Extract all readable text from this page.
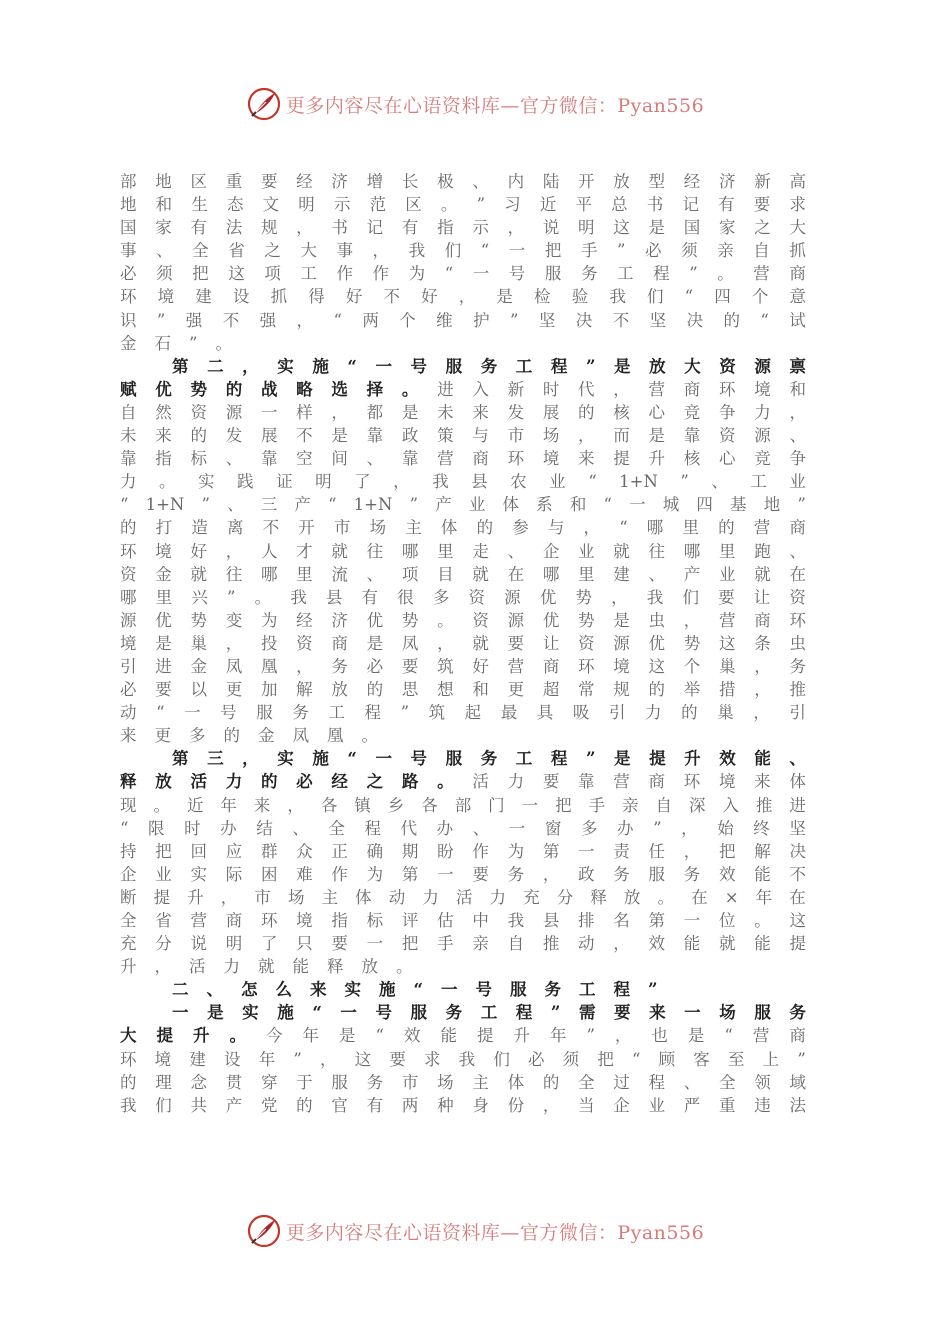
更多内容尽在心语资料库—官方微信：Pyan556
部 地 区 重 要 经 济 增 长 极 、 内 陆 开 放 型 经 济 新 高
地 和 生 态 文 明 示 范 区 。 ” 习 近 平 总 书 记 有 要 求
国 家 有 法 规 ， 书 记 有 指 示 ， 说 明 这 是 国 家 之 大
事 、 全 省 之 大 事 ， 我 们 “ 一 把 手 ” 必 须 亲 自 抓
必 须 把 这 项 工 作 作 为 “ 一 号 服 务 工 程 ” 。 营 商
环 境 建 设 抓 得 好 不 好 ， 是 检 验 我 们 “ 四 个 意
识 ” 强 不 强 ， “ 两 个 维 护 ” 坚 决 不 坚 决 的 “ 试
金 石 ” 。
第 二 ， 实 施 “ 一 号 服 务 工 程 ” 是 放 大 资 源 禀
赋 优 势 的 战 略 选 择 。 进 入 新 时 代 ， 营 商 环 境 和
自 然 资 源 一 样 ， 都 是 未 来 发 展 的 核 心 竞 争 力 ，
未 来 的 发 展 不 是 靠 政 策 与 市 场 ， 而 是 靠 资 源 、
靠 指 标 、 靠 空 间 、 靠 营 商 环 境 来 提 升 核 心 竞 争
力 。 实 践 证 明 了 ， 我 县 农 业 “ 1+N ” 、 工 业
“ 1+N ” 、 三 产 “ 1+N ” 产 业 体 系 和 “ 一 城 四 基 地 ”
的 打 造 离 不 开 市 场 主 体 的 参 与 ， “ 哪 里 的 营 商
环 境 好 ， 人 才 就 往 哪 里 走 、 企 业 就 往 哪 里 跑 、
资 金 就 往 哪 里 流 、 项 目 就 在 哪 里 建 、 产 业 就 在
哪 里 兴 ” 。 我 县 有 很 多 资 源 优 势 ， 我 们 要 让 资
源 优 势 变 为 经 济 优 势 。 资 源 优 势 是 虫 ， 营 商 环
境 是 巢 ， 投 资 商 是 凤 ， 就 要 让 资 源 优 势 这 条 虫
引 进 金 凤 凰 ， 务 必 要 筑 好 营 商 环 境 这 个 巢 ， 务
必 要 以 更 加 解 放 的 思 想 和 更 超 常 规 的 举 措 ， 推
动 “ 一 号 服 务 工 程 ” 筑 起 最 具 吸 引 力 的 巢 ， 引
来 更 多 的 金 凤 凰 。
第 三 ， 实 施 “ 一 号 服 务 工 程 ” 是 提 升 效 能 、
释 放 活 力 的 必 经 之 路 。 活 力 要 靠 营 商 环 境 来 体
现 。 近 年 来 ， 各 镇 乡 各 部 门 一 把 手 亲 自 深 入 推 进
“ 限 时 办 结 、 全 程 代 办 、 一 窗 多 办 ” ， 始 终 坚
持 把 回 应 群 众 正 确 期 盼 作 为 第 一 责 任 ， 把 解 决
企 业 实 际 困 难 作 为 第 一 要 务 ， 政 务 服 务 效 能 不
断 提 升 ， 市 场 主 体 动 力 活 力 充 分 释 放 。 在 × 年 在
全 省 营 商 环 境 指 标 评 估 中 我 县 排 名 第 一 位 。 这
充 分 说 明 了 只 要 一 把 手 亲 自 推 动 ， 效 能 就 能 提
升 ， 活 力 就 能 释 放 。
二 、 怎 么 来 实 施 “ 一 号 服 务 工 程 ”
一 是 实 施 “ 一 号 服 务 工 程 ” 需 要 来 一 场 服 务
大 提 升 。 今 年 是 “ 效 能 提 升 年 ” ， 也 是 “ 营 商
环 境 建 设 年 ” ， 这 要 求 我 们 必 须 把 “ 顾 客 至 上 ”
的 理 念 贯 穿 于 服 务 市 场 主 体 的 全 过 程 、 全 领 域
我 们 共 产 党 的 官 有 两 种 身 份 ， 当 企 业 严 重 违 法
更多内容尽在心语资料库—官方微信：Pyan556
